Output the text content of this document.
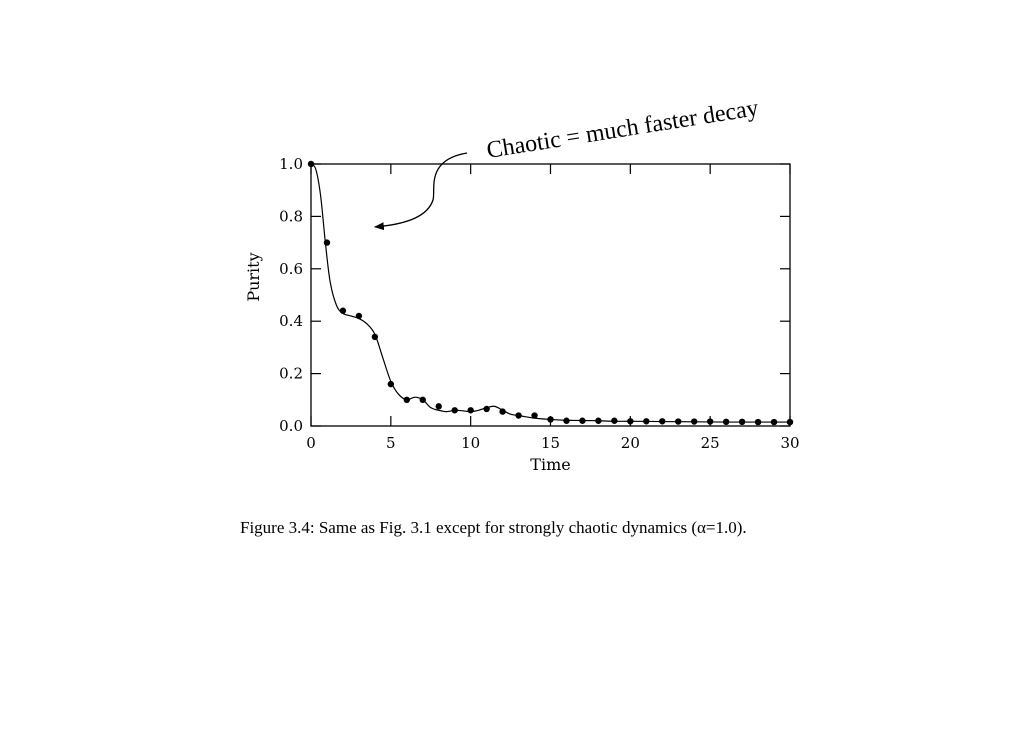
0	5	10	15	20	25	30
0.0
0.2
0.4
0.6
0.8
1.0
Time
Purity
Chaotic = much faster decay
Figure 3.4: Same as Fig. 3.1 except for strongly chaotic dynamics (α=1.0).
